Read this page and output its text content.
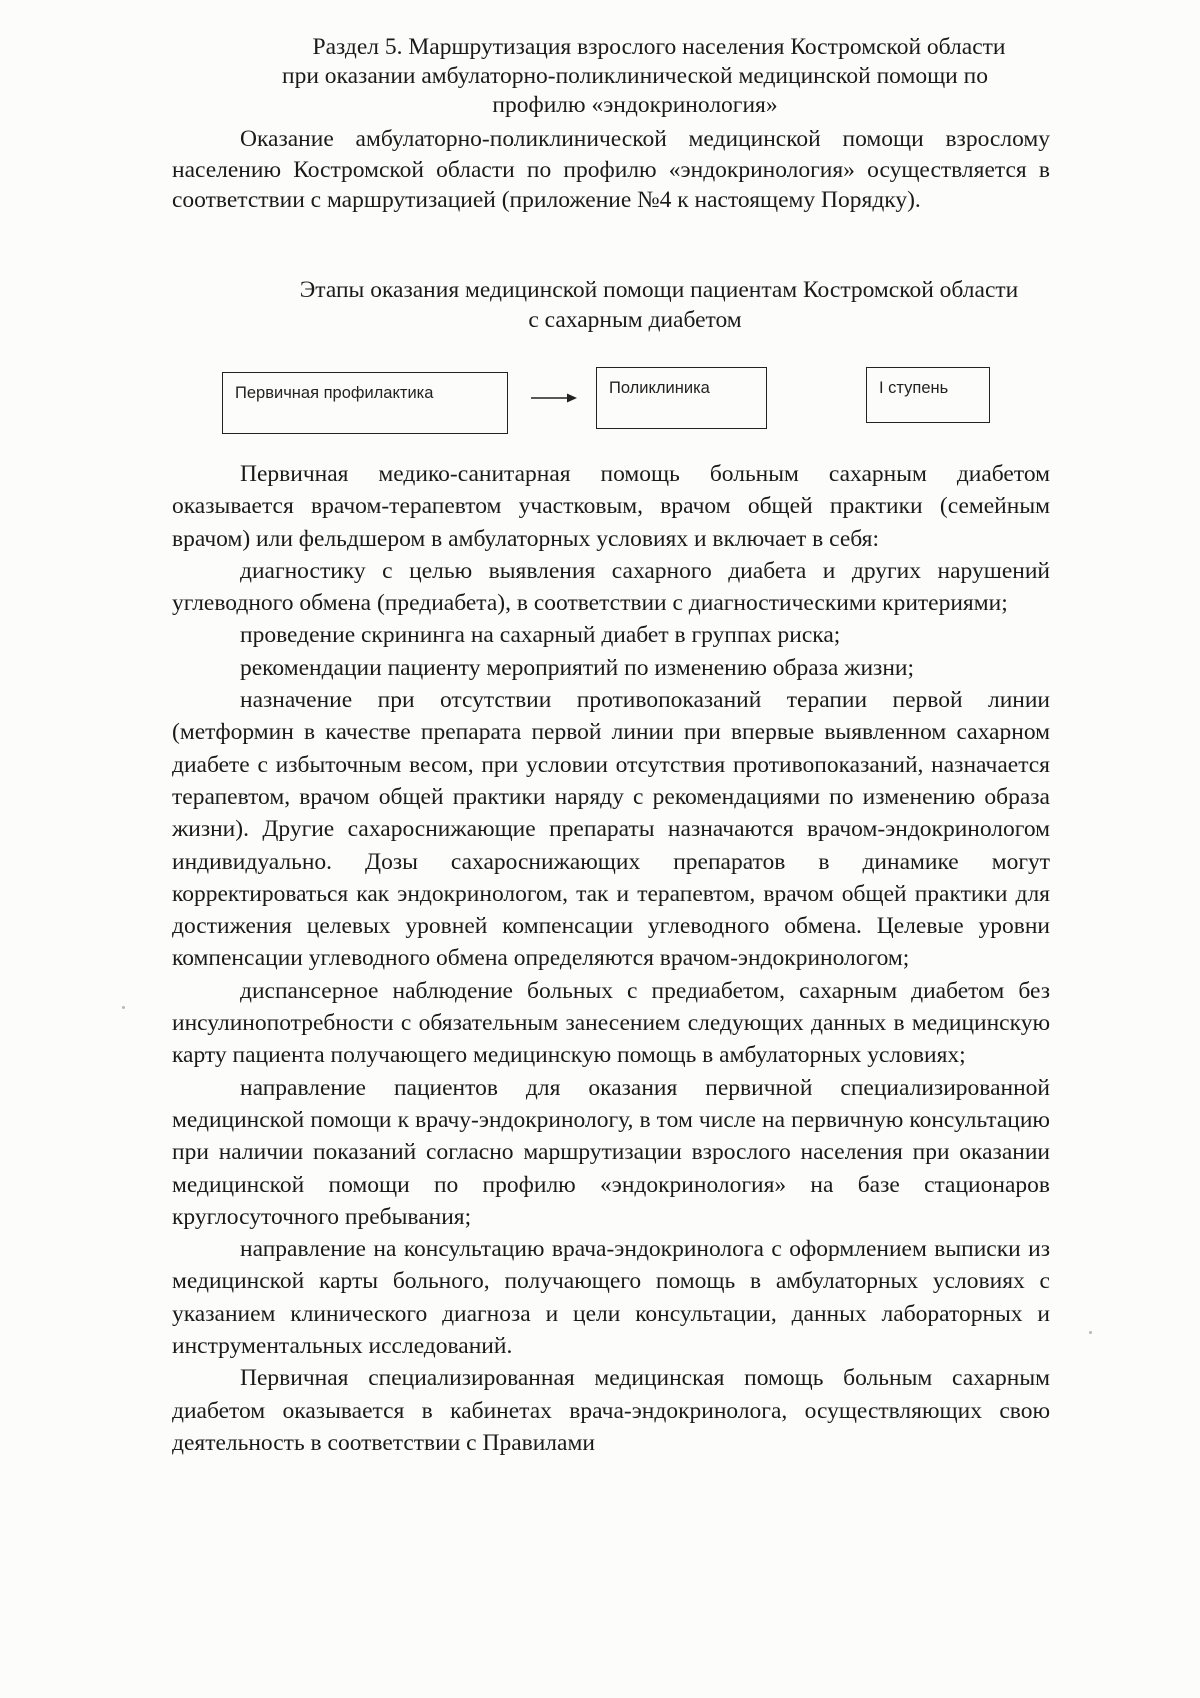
Раздел 5. Маршрутизация взрослого населения Костромской области
при оказании амбулаторно-поликлинической медицинской помощи по
профилю «эндокринология»

Оказание амбулаторно-поликлинической медицинской помощи взрослому населению Костромской области по профилю «эндокринология» осуществляется в соответствии с маршрутизацией (приложение №4 к настоящему Порядку).

Этапы оказания медицинской помощи пациентам Костромской области
с сахарным диабетом
Первичная профилактика	Поликлиника	I ступень

Первичная медико-санитарная помощь больным сахарным диабетом оказывается врачом-терапевтом участковым, врачом общей практики (семейным врачом) или фельдшером в амбулаторных условиях и включает в себя:

диагностику с целью выявления сахарного диабета и других нарушений углеводного обмена (предиабета), в соответствии с диагностическими критериями;

проведение скрининга на сахарный диабет в группах риска;

рекомендации пациенту мероприятий по изменению образа жизни;

назначение при отсутствии противопоказаний терапии первой линии (метформин в качестве препарата первой линии при впервые выявленном сахарном диабете с избыточным весом, при условии отсутствия противопоказаний, назначается терапевтом, врачом общей практики наряду с рекомендациями по изменению образа жизни). Другие сахароснижающие препараты назначаются врачом-эндокринологом индивидуально. Дозы сахароснижающих препаратов в динамике могут корректироваться как эндокринологом, так и терапевтом, врачом общей практики для достижения целевых уровней компенсации углеводного обмена. Целевые уровни компенсации углеводного обмена определяются врачом-эндокринологом;

диспансерное наблюдение больных с предиабетом, сахарным диабетом без инсулинопотребности с обязательным занесением следующих данных в медицинскую карту пациента получающего медицинскую помощь в амбулаторных условиях;

направление пациентов для оказания первичной специализированной медицинской помощи к врачу-эндокринологу, в том числе на первичную консультацию при наличии показаний согласно маршрутизации взрослого населения при оказании медицинской помощи по профилю «эндокринология» на базе стационаров круглосуточного пребывания;

направление на консультацию врача-эндокринолога с оформлением выписки из медицинской карты больного, получающего помощь в амбулаторных условиях с указанием клинического диагноза и цели консультации, данных лабораторных и инструментальных исследований.

Первичная специализированная медицинская помощь больным сахарным диабетом оказывается в кабинетах врача-эндокринолога, осуществляющих свою деятельность в соответствии с Правилами
